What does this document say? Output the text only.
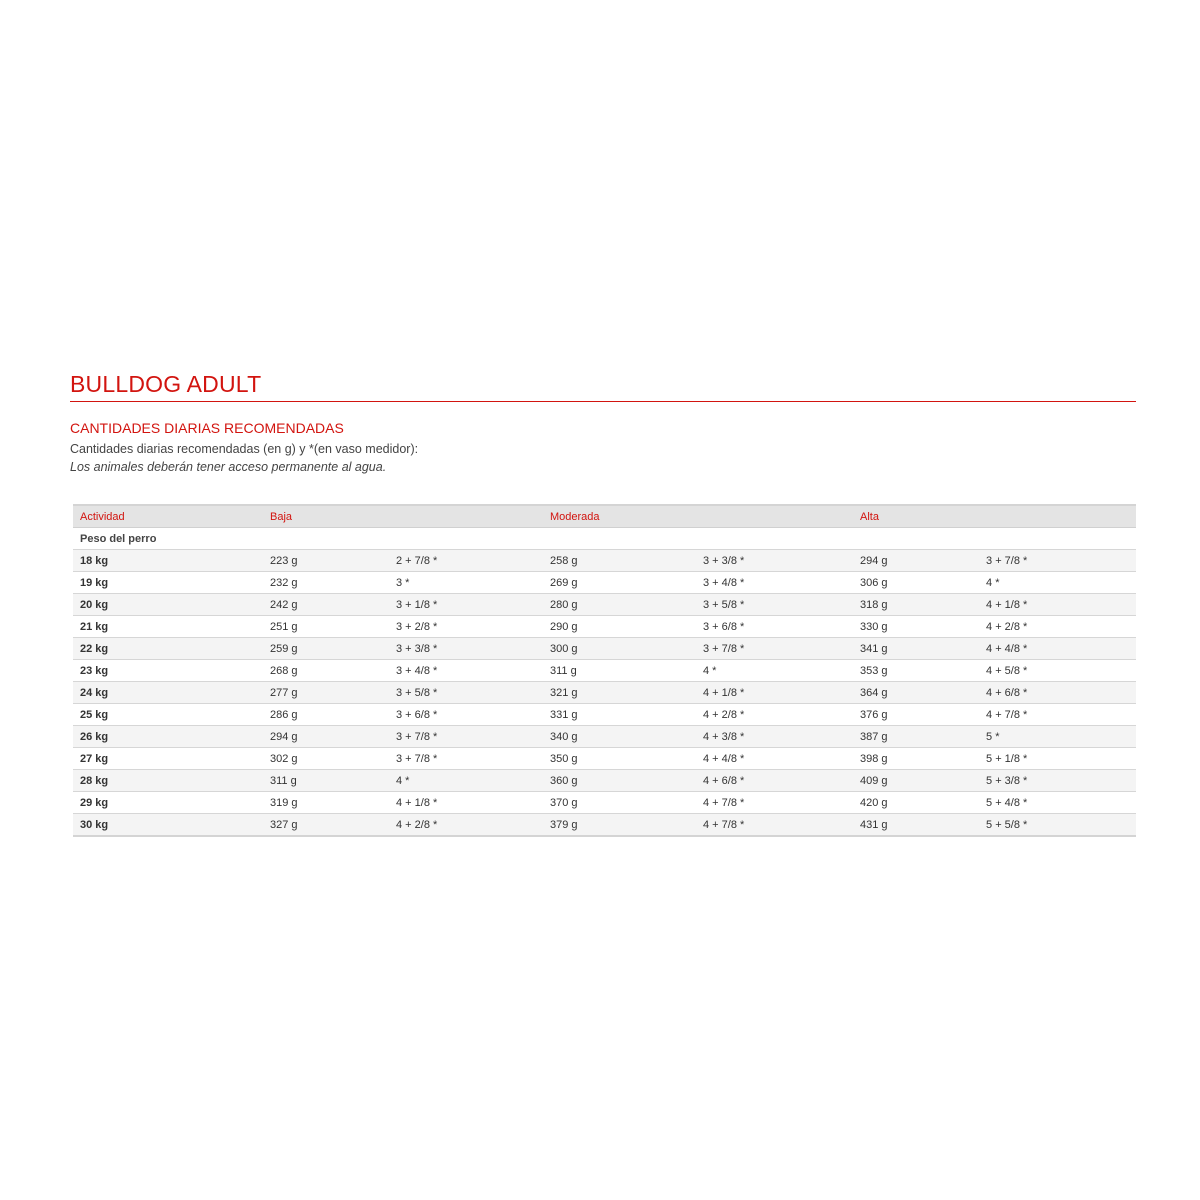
BULLDOG ADULT
CANTIDADES DIARIAS RECOMENDADAS

Cantidades diarias recomendadas (en g) y *(en vaso medidor):

Los animales deberán tener acceso permanente al agua.

Actividad	Baja		Moderada		Alta	
Peso del perro						
18 kg	223 g	2 + 7/8 *	258 g	3 + 3/8 *	294 g	3 + 7/8 *
19 kg	232 g	3 *	269 g	3 + 4/8 *	306 g	4 *
20 kg	242 g	3 + 1/8 *	280 g	3 + 5/8 *	318 g	4 + 1/8 *
21 kg	251 g	3 + 2/8 *	290 g	3 + 6/8 *	330 g	4 + 2/8 *
22 kg	259 g	3 + 3/8 *	300 g	3 + 7/8 *	341 g	4 + 4/8 *
23 kg	268 g	3 + 4/8 *	311 g	4 *	353 g	4 + 5/8 *
24 kg	277 g	3 + 5/8 *	321 g	4 + 1/8 *	364 g	4 + 6/8 *
25 kg	286 g	3 + 6/8 *	331 g	4 + 2/8 *	376 g	4 + 7/8 *
26 kg	294 g	3 + 7/8 *	340 g	4 + 3/8 *	387 g	5 *
27 kg	302 g	3 + 7/8 *	350 g	4 + 4/8 *	398 g	5 + 1/8 *
28 kg	311 g	4 *	360 g	4 + 6/8 *	409 g	5 + 3/8 *
29 kg	319 g	4 + 1/8 *	370 g	4 + 7/8 *	420 g	5 + 4/8 *
30 kg	327 g	4 + 2/8 *	379 g	4 + 7/8 *	431 g	5 + 5/8 *
